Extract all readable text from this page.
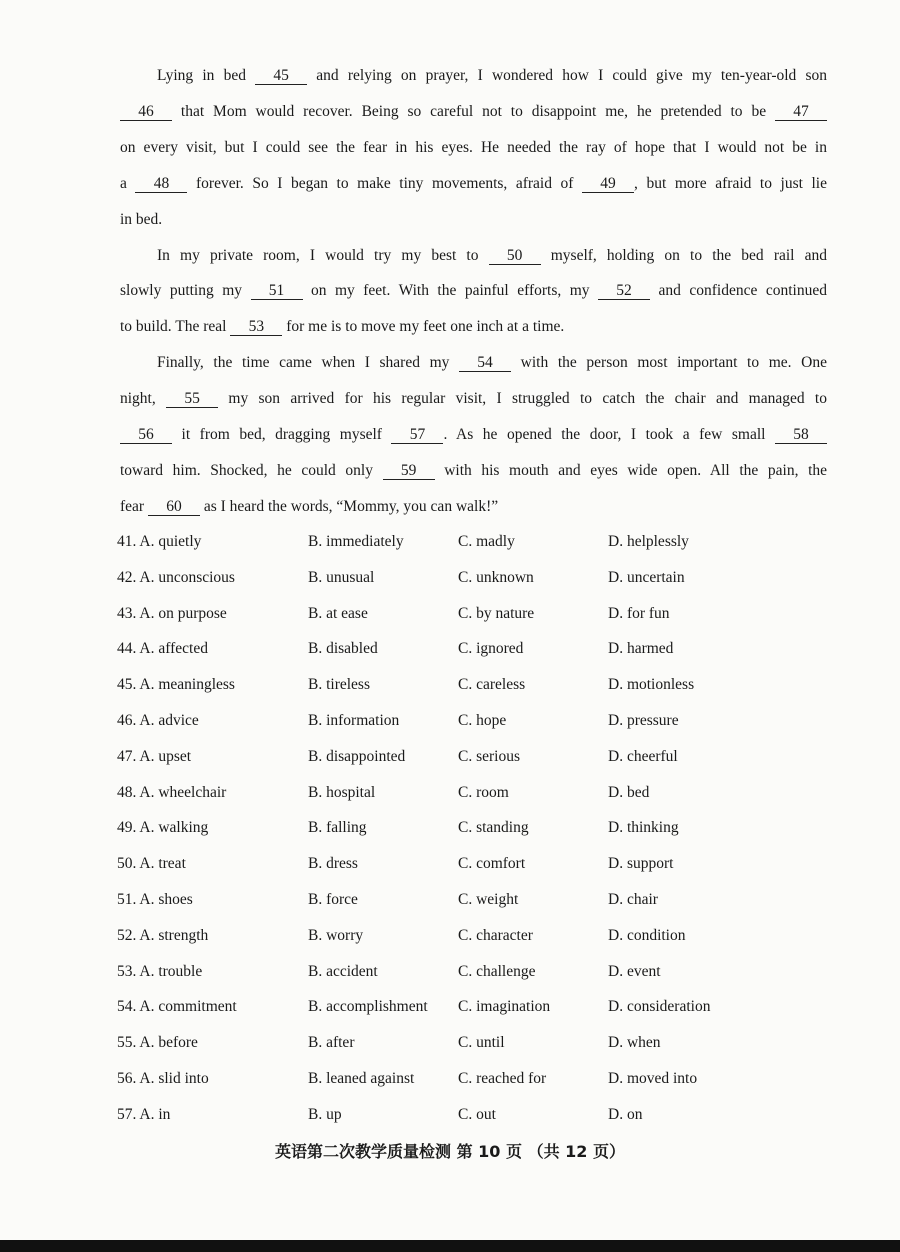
Lying in bed 45 and relying on prayer, I wondered how I could give my ten-year-old son
46 that Mom would recover. Being so careful not to disappoint me, he pretended to be 47
on every visit, but I could see the fear in his eyes. He needed the ray of hope that I would not be in
a 48 forever. So I began to make tiny movements, afraid of 49 , but more afraid to just lie
in bed.
In my private room, I would try my best to 50 myself, holding on to the bed rail and
slowly putting my 51 on my feet. With the painful efforts, my 52 and confidence continued
to build. The real 53 for me is to move my feet one inch at a time.
Finally, the time came when I shared my 54 with the person most important to me. One
night, 55 my son arrived for his regular visit, I struggled to catch the chair and managed to
56 it from bed, dragging myself 57 . As he opened the door, I took a few small 58
toward him. Shocked, he could only 59 with his mouth and eyes wide open. All the pain, the
fear 60 as I heard the words, “Mommy, you can walk!”
41. A. quietly	B. immediately	C. madly	D. helplessly
42. A. unconscious	B. unusual	C. unknown	D. uncertain
43. A. on purpose	B. at ease	C. by nature	D. for fun
44. A. affected	B. disabled	C. ignored	D. harmed
45. A. meaningless	B. tireless	C. careless	D. motionless
46. A. advice	B. information	C. hope	D. pressure
47. A. upset	B. disappointed	C. serious	D. cheerful
48. A. wheelchair	B. hospital	C. room	D. bed
49. A. walking	B. falling	C. standing	D. thinking
50. A. treat	B. dress	C. comfort	D. support
51. A. shoes	B. force	C. weight	D. chair
52. A. strength	B. worry	C. character	D. condition
53. A. trouble	B. accident	C. challenge	D. event
54. A. commitment	B. accomplishment C. imagination	D. consideration
55. A. before	B. after	C. until	D. when
56. A. slid into	B. leaned against	C. reached for	D. moved into
57. A. in	B. up	C. out	D. on
英语第二次教学质量检测 第 10 页 （共 12 页）
